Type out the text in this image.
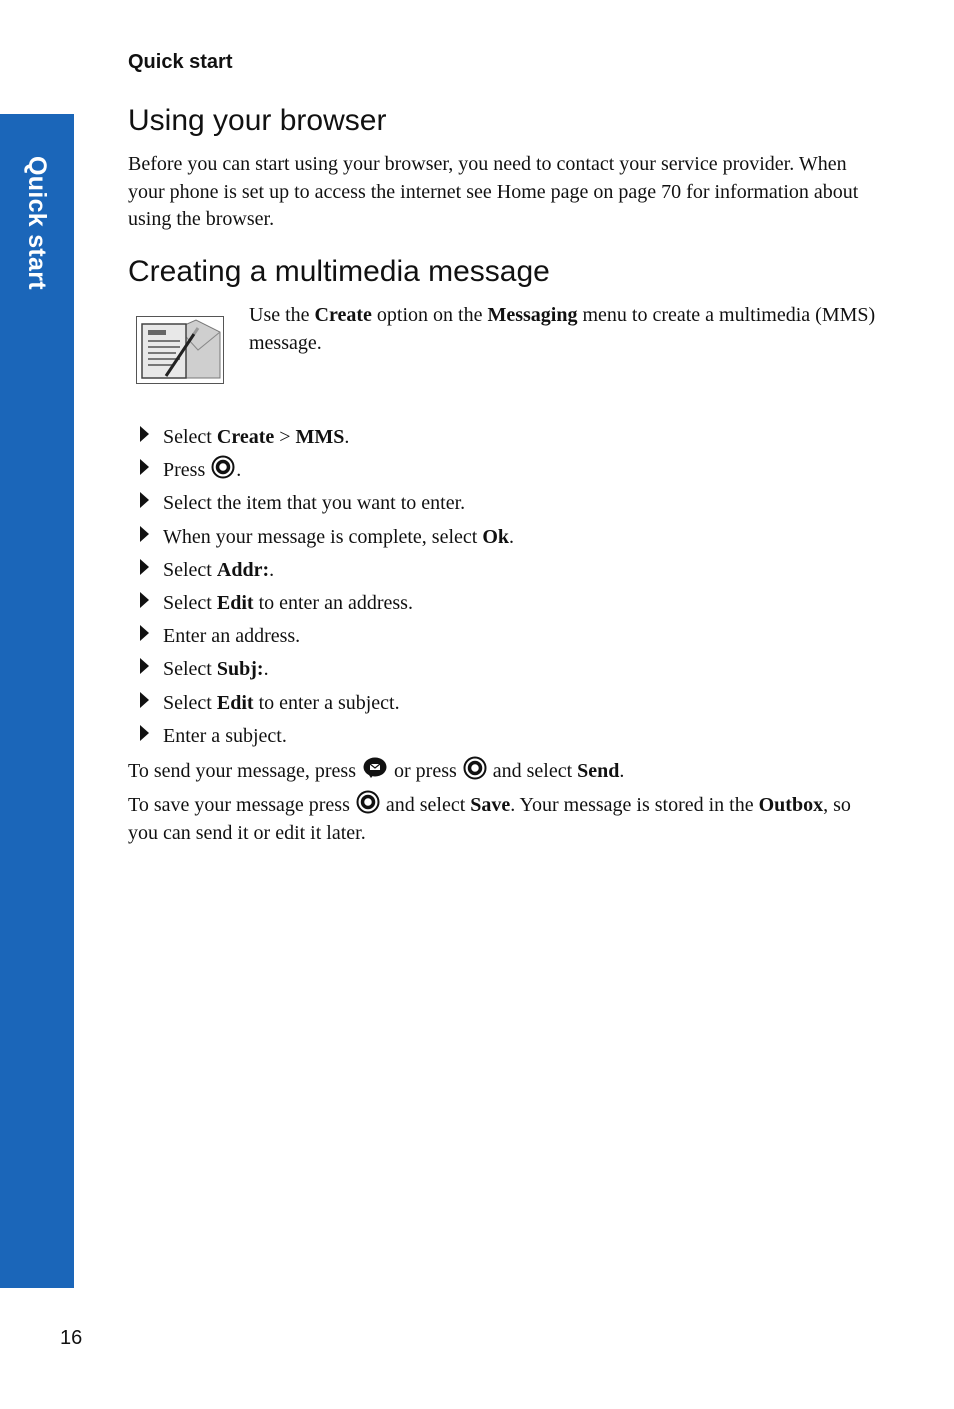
Quick start
Quick start
Using your browser

Before you can start using your browser, you need to contact your service provider. When your phone is set up to access the internet see Home page on page 70 for information about using the browser.

Creating a multimedia message

Use the Create option on the Messaging menu to create a multimedia (MMS) message.

Select Create > MMS.
Press .
Select the item that you want to enter.
When your message is complete, select Ok.
Select Addr:.
Select Edit to enter an address.
Enter an address.
Select Subj:.
Select Edit to enter a subject.
Enter a subject.

To send your message, press  or press  and select Send.

To save your message press  and select Save. Your message is stored in the Outbox, so you can send it or edit it later.

16
